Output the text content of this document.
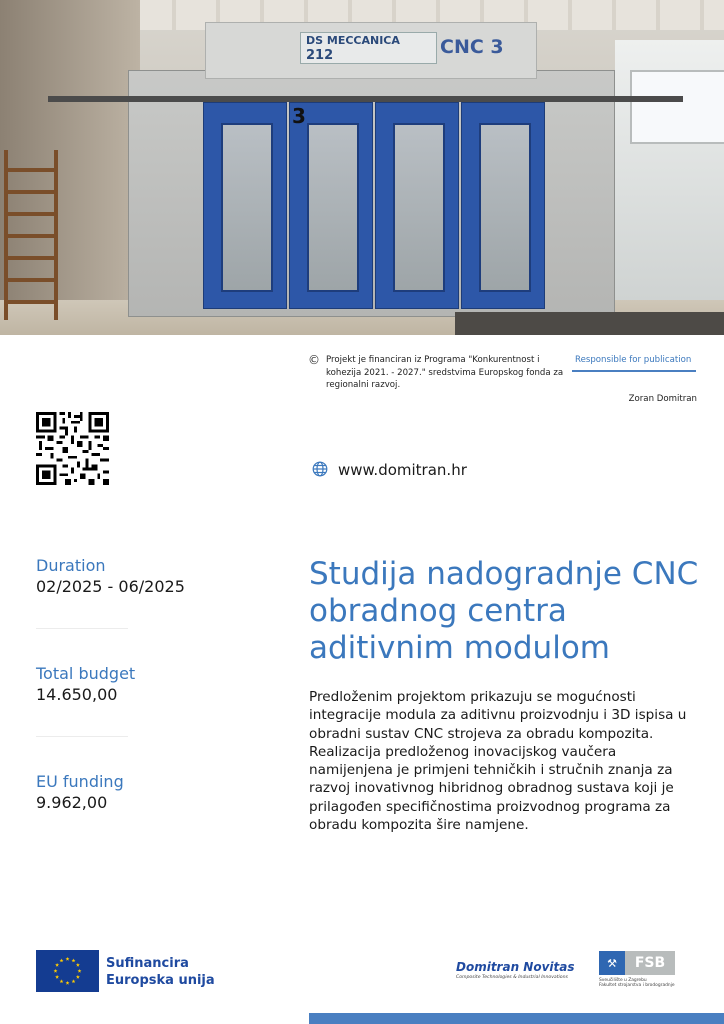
DS MECCANICA
212	CNC 3
3
© Projekt je financiran iz Programa "Konkurentnost i kohezija 2021. - 2027." sredstvima Europskog fonda za regionalni razvoj.
Responsible for publication
Zoran Domitran
www.domitran.hr
Duration
02/2025 - 06/2025
Total budget
14.650,00
EU funding
9.962,00
Studija nadogradnje CNC obradnog centra aditivnim modulom
Predloženim projektom prikazuju se mogućnosti integracije modula za aditivnu proizvodnju i 3D ispisa u obradni sustav CNC strojeva za obradu kompozita. Realizacija predloženog inovacijskog vaučera namijenjena je primjeni tehničkih i stručnih znanja za razvoj inovativnog hibridnog obradnog sustava koji je prilagođen specifičnostima proizvodnog programa za obradu kompozita šire namjene.
Sufinancira
Europska unija
Domitran Novitas
Composite Technologies & Industrial Innovations
⚒	FSB
Sveučilište u Zagrebu
Fakultet strojarstva i brodogradnje
